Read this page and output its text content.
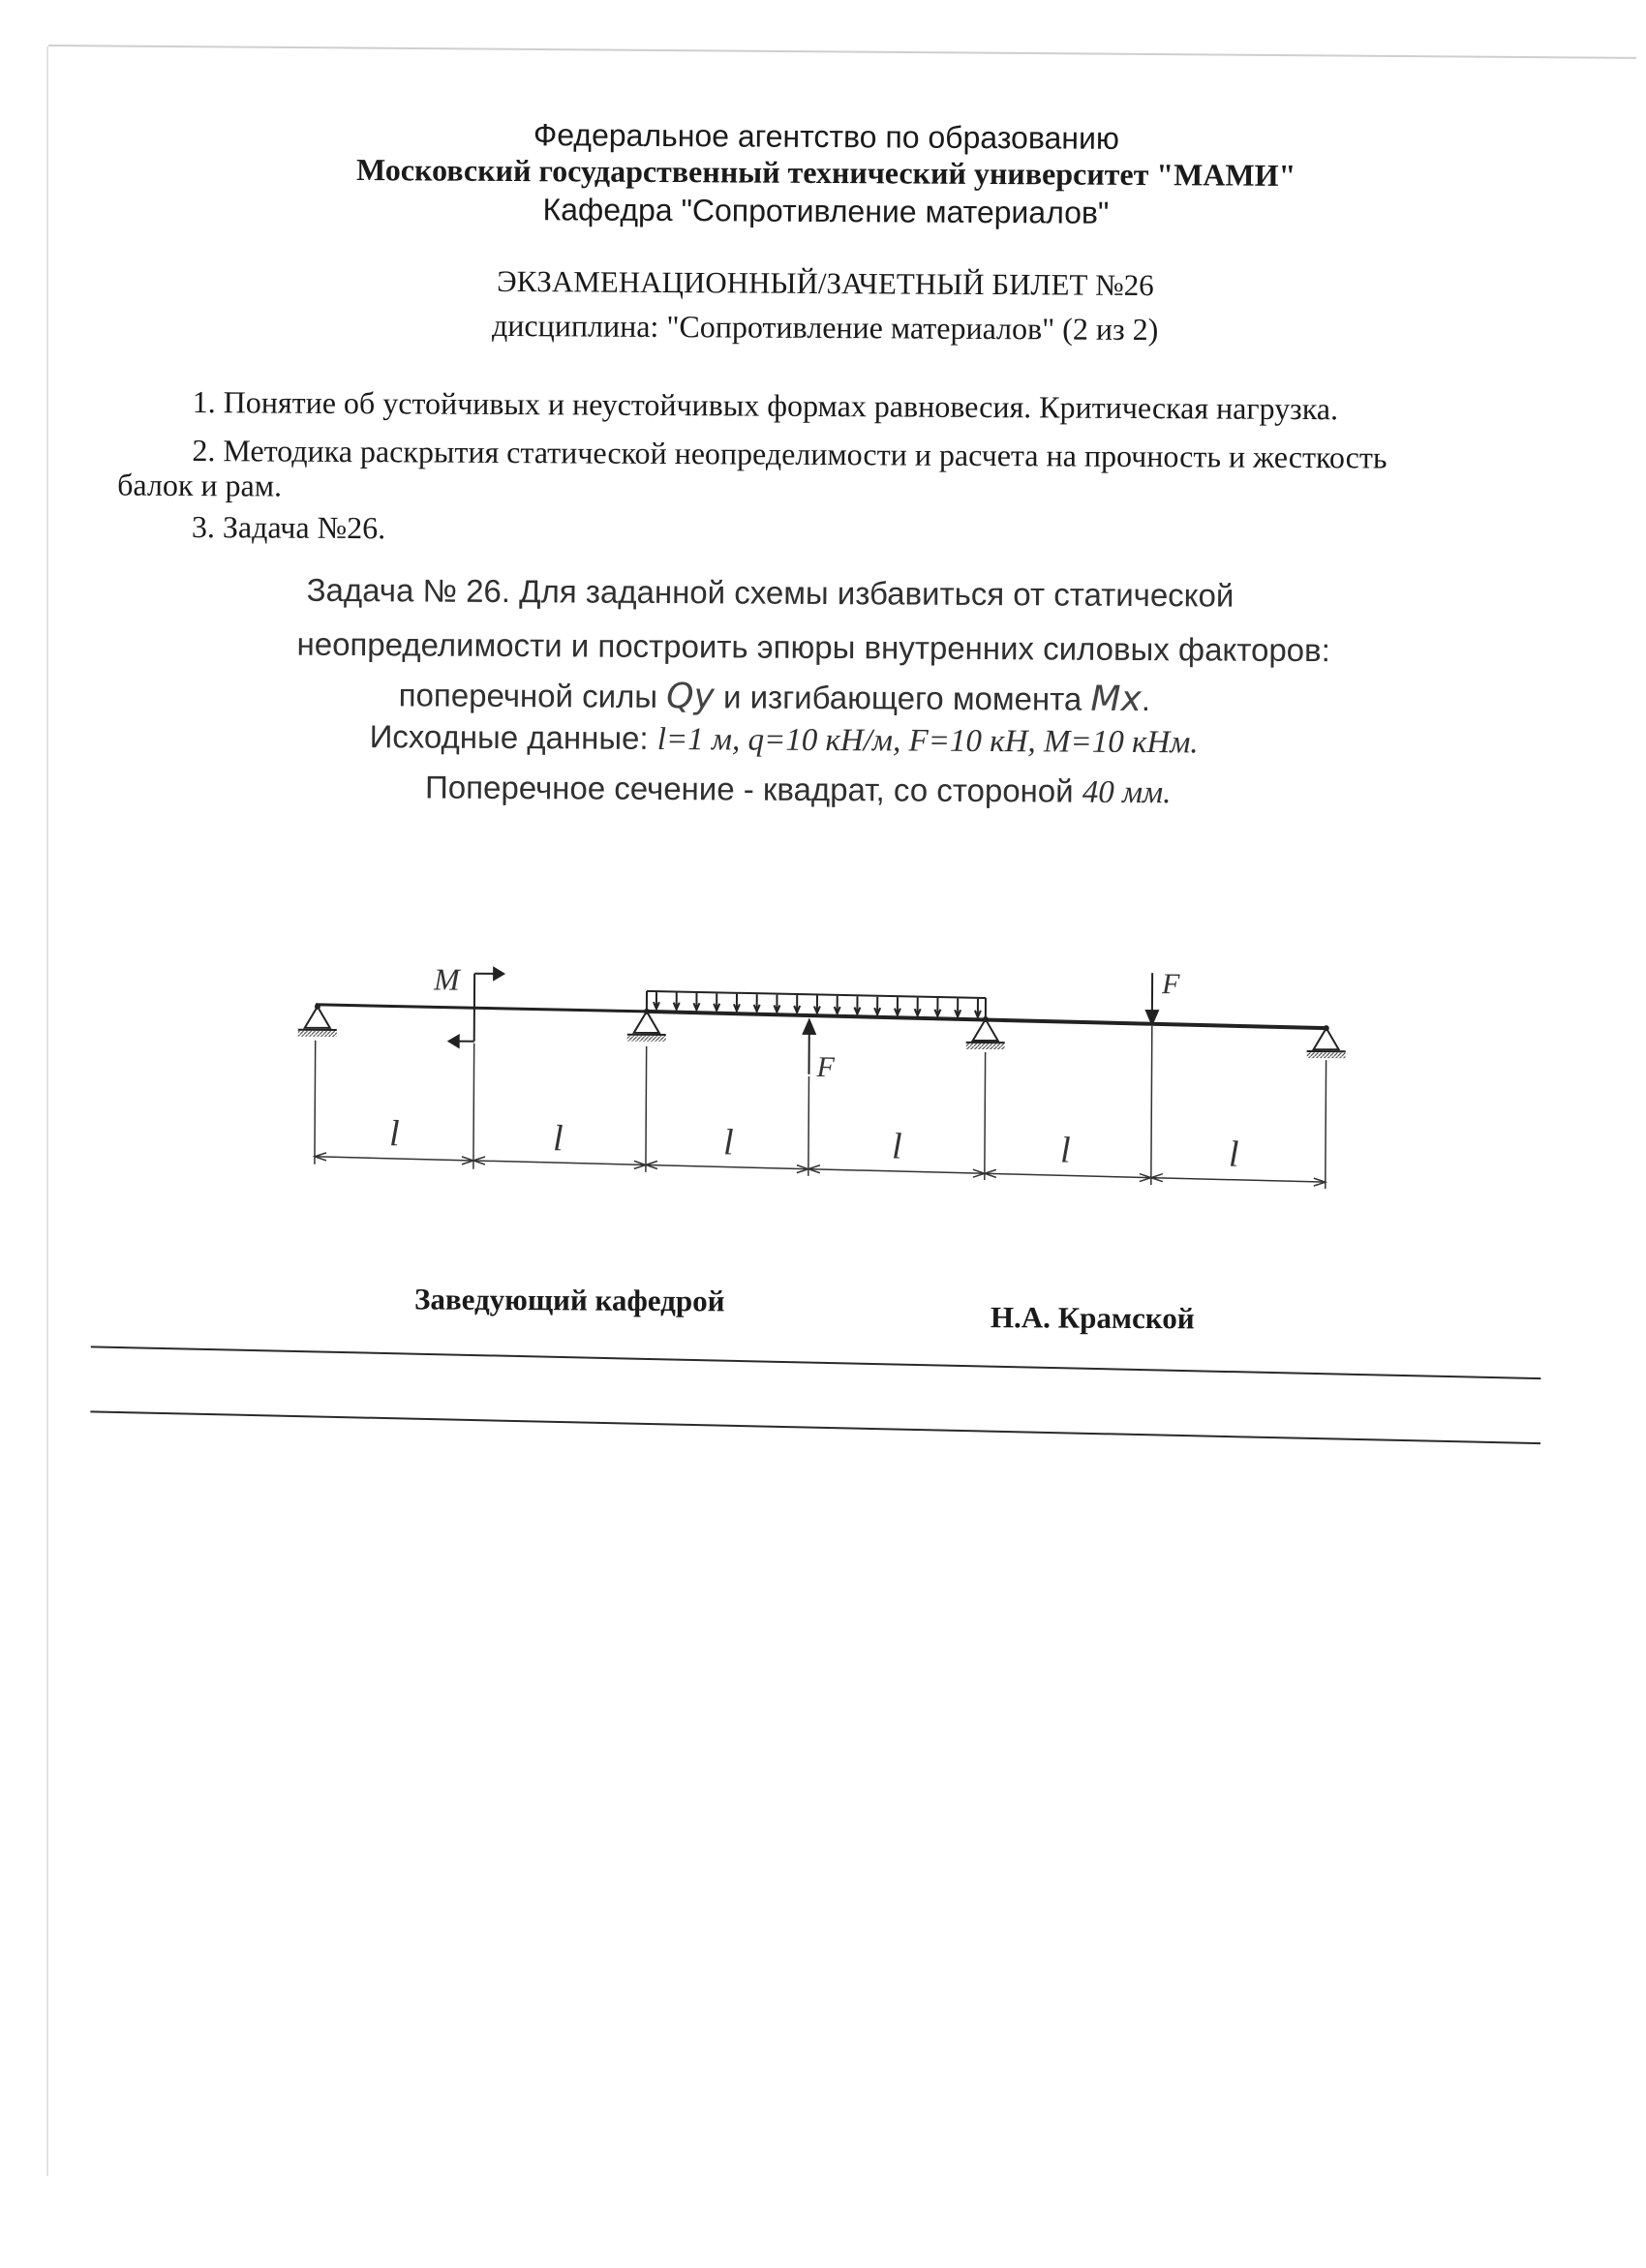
Федеральное агентство по образованию
Московский государственный технический университет "МАМИ"
Кафедра "Сопротивление материалов"
ЭКЗАМЕНАЦИОННЫЙ/ЗАЧЕТНЫЙ БИЛЕТ №26
дисциплина: "Сопротивление материалов" (2 из 2)
1. Понятие об устойчивых и неустойчивых формах равновесия. Критическая нагрузка.
2. Методика раскрытия статической неопределимости и расчета на прочность и жесткость
балок и рам.
3. Задача №26.
Задача № 26. Для заданной схемы избавиться от статической
неопределимости и построить эпюры внутренних силовых факторов:
поперечной силы Qy и изгибающего момента Mx.
Исходные данные: l=1 м, q=10 кН/м, F=10 кН, M=10 кНм.
Поперечное сечение - квадрат, со стороной 40 мм.
M
F
F
l	l	l	l	l	l
Заведующий кафедрой	Н.А. Крамской
